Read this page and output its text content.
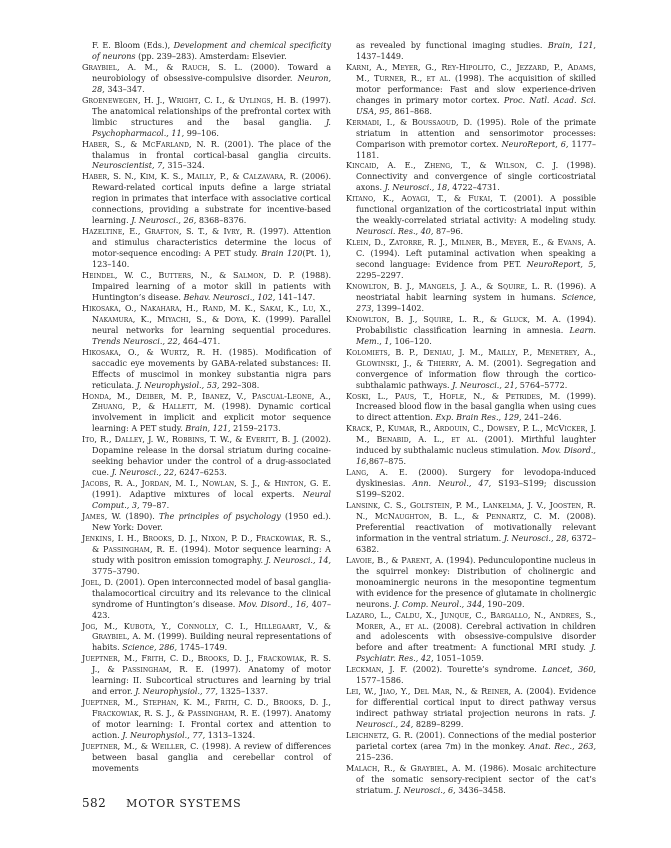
F. E. Bloom (Eds.), Development and chemical specificity of neurons (pp. 239–283). Amsterdam: Elsevier.

Graybiel, A. M., & Rauch, S. L. (2000). Toward a neurobiology of obsessive-compulsive disorder. Neuron, 28, 343–347.

Groenewegen, H. J., Wright, C. I., & Uylings, H. B. (1997). The anatomical relationships of the prefrontal cortex with limbic structures and the basal ganglia. J. Psychopharmacol., 11, 99–106.

Haber, S., & McFarland, N. R. (2001). The place of the thalamus in frontal cortical-basal ganglia circuits. Neuroscientist, 7, 315–324.

Haber, S. N., Kim, K. S., Mailly, P., & Calzavara, R. (2006). Reward-related cortical inputs define a large striatal region in primates that interface with associative cortical connections, providing a substrate for incentive-based learning. J. Neurosci., 26, 8368–8376.

Hazeltine, E., Grafton, S. T., & Ivry, R. (1997). Attention and stimulus characteristics determine the locus of motor-sequence encoding: A PET study. Brain 120(Pt. 1), 123–140.

Heindel, W. C., Butters, N., & Salmon, D. P. (1988). Impaired learning of a motor skill in patients with Huntington’s disease. Behav. Neurosci., 102, 141–147.

Hikosaka, O., Nakahara, H., Rand, M. K., Sakai, K., Lu, X., Nakamura, K., Miyachi, S., & Doya, K. (1999). Parallel neural networks for learning sequential procedures. Trends Neurosci., 22, 464–471.

Hikosaka, O., & Wurtz, R. H. (1985). Modification of saccadic eye movements by GABA-related substances: II. Effects of muscimol in monkey substantia nigra pars reticulata. J. Neurophysiol., 53, 292–308.

Honda, M., Deiber, M. P., Ibanez, V., Pascual-Leone, A., Zhuang, P., & Hallett, M. (1998). Dynamic cortical involvement in implicit and explicit motor sequence learning: A PET study. Brain, 121, 2159–2173.

Ito, R., Dalley, J. W., Robbins, T. W., & Everitt, B. J. (2002). Dopamine release in the dorsal striatum during cocaine-seeking behavior under the control of a drug-associated cue. J. Neurosci., 22, 6247–6253.

Jacobs, R. A., Jordan, M. I., Nowlan, S. J., & Hinton, G. E. (1991). Adaptive mixtures of local experts. Neural Comput., 3, 79–87.

James, W. (1890). The principles of psychology (1950 ed.). New York: Dover.

Jenkins, I. H., Brooks, D. J., Nixon, P. D., Frackowiak, R. S., & Passingham, R. E. (1994). Motor sequence learning: A study with positron emission tomography. J. Neurosci., 14, 3775–3790.

Joel, D. (2001). Open interconnected model of basal ganglia-thalamocortical circuitry and its relevance to the clinical syndrome of Huntington’s disease. Mov. Disord., 16, 407–423.

Jog, M., Kubota, Y., Connolly, C. I., Hillegaart, V., & Graybiel, A. M. (1999). Building neural representations of habits. Science, 286, 1745–1749.

Jueptner, M., Frith, C. D., Brooks, D. J., Frackowiak, R. S. J., & Passingham, R. E. (1997). Anatomy of motor learning: II. Subcortical structures and learning by trial and error. J. Neurophysiol., 77, 1325–1337.

Jueptner, M., Stephan, K. M., Frith, C. D., Brooks, D. J., Frackowiak, R. S. J., & Passingham, R. E. (1997). Anatomy of motor learning: I. Frontal cortex and attention to action. J. Neurophysiol., 77, 1313–1324.

Jueptner, M., & Weiller, C. (1998). A review of differences between basal ganglia and cerebellar control of movements

as revealed by functional imaging studies. Brain, 121, 1437–1449.

Karni, A., Meyer, G., Rey-Hipolito, C., Jezzard, P., Adams, M., Turner, R., et al. (1998). The acquisition of skilled motor performance: Fast and slow experience-driven changes in primary motor cortex. Proc. Natl. Acad. Sci. USA, 95, 861–868.

Kermadi, I., & Boussaoud, D. (1995). Role of the primate striatum in attention and sensorimotor processes: Comparison with premotor cortex. NeuroReport, 6, 1177–1181.

Kincaid, A. E., Zheng, T., & Wilson, C. J. (1998). Connectivity and convergence of single corticostriatal axons. J. Neurosci., 18, 4722–4731.

Kitano, K., Aoyagi, T., & Fukai, T. (2001). A possible functional organization of the corticostriatal input within the weakly-correlated striatal activity: A modeling study. Neurosci. Res., 40, 87–96.

Klein, D., Zatorre, R. J., Milner, B., Meyer, E., & Evans, A. C. (1994). Left putaminal activation when speaking a second language: Evidence from PET. NeuroReport, 5, 2295–2297.

Knowlton, B. J., Mangels, J. A., & Squire, L. R. (1996). A neostriatal habit learning system in humans. Science, 273, 1399–1402.

Knowlton, B. J., Squire, L. R., & Gluck, M. A. (1994). Probabilistic classification learning in amnesia. Learn. Mem., 1, 106–120.

Kolomiets, B. P., Deniau, J. M., Mailly, P., Menetrey, A., Glowinski, J., & Thierry, A. M. (2001). Segregation and convergence of information flow through the cortico-subthalamic pathways. J. Neurosci., 21, 5764–5772.

Koski, L., Paus, T., Hofle, N., & Petrides, M. (1999). Increased blood flow in the basal ganglia when using cues to direct attention. Exp. Brain Res., 129, 241–246.

Krack, P., Kumar, R., Ardouin, C., Dowsey, P. L., McVicker, J. M., Benabid, A. L., et al. (2001). Mirthful laughter induced by subthalamic nucleus stimulation. Mov. Disord., 16,867–875.

Lang, A. E. (2000). Surgery for levodopa-induced dyskinesias. Ann. Neurol., 47, S193–S199; discussion S199–S202.

Lansink, C. S., Goltstein, P. M., Lankelma, J. V., Joosten, R. N., McNaughton, B. L., & Pennartz, C. M. (2008). Preferential reactivation of motivationally relevant information in the ventral striatum. J. Neurosci., 28, 6372–6382.

Lavoie, B., & Parent, A. (1994). Pedunculopontine nucleus in the squirrel monkey: Distribution of cholinergic and monoaminergic neurons in the mesopontine tegmentum with evidence for the presence of glutamate in cholinergic neurons. J. Comp. Neurol., 344, 190–209.

Lazaro, L., Caldu, X., Junque, C., Bargallo, N., Andres, S., Morer, A., et al. (2008). Cerebral activation in children and adolescents with obsessive-compulsive disorder before and after treatment: A functional MRI study. J. Psychiatr. Res., 42, 1051–1059.

Leckman, J. F. (2002). Tourette’s syndrome. Lancet, 360, 1577–1586.

Lei, W., Jiao, Y., Del Mar, N., & Reiner, A. (2004). Evidence for differential cortical input to direct pathway versus indirect pathway striatal projection neurons in rats. J. Neurosci., 24, 8289–8299.

Leichnetz, G. R. (2001). Connections of the medial posterior parietal cortex (area 7m) in the monkey. Anat. Rec., 263, 215–236.

Malach, R., & Graybiel, A. M. (1986). Mosaic architecture of the somatic sensory-recipient sector of the cat’s striatum. J. Neurosci., 6, 3436–3458.

582 MOTOR SYSTEMS
